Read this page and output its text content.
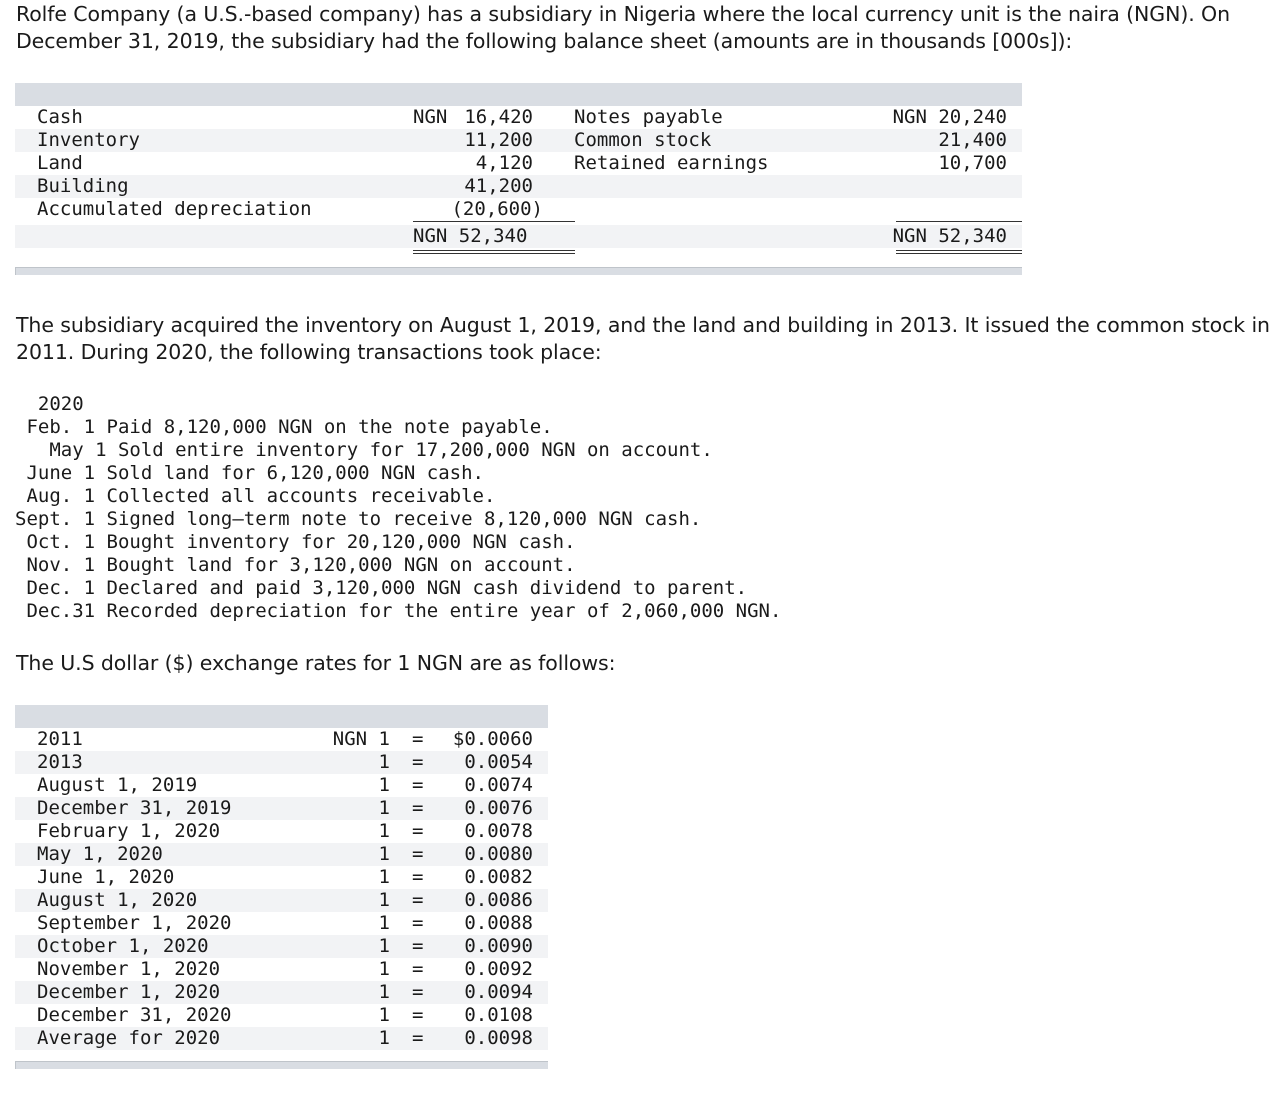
Rolfe Company (a U.S.-based company) has a subsidiary in Nigeria where the local currency unit is the naira (NGN). On December 31, 2019, the subsidiary had the following balance sheet (amounts are in thousands [000s]):
Cash	NGN 16,420 Notes payable	NGN 20,240
Inventory	11,200 Common stock	21,400
Land	4,120 Retained earnings	10,700
Building	41,200
Accumulated depreciation	(20,600)
NGN 52,340	NGN 52,340
The subsidiary acquired the inventory on August 1, 2019, and the land and building in 2013. It issued the common stock in 2011. During 2020, the following transactions took place:
2020
Feb. 1 Paid 8,120,000 NGN on the note payable.
May 1 Sold entire inventory for 17,200,000 NGN on account.
June 1 Sold land for 6,120,000 NGN cash.
Aug. 1 Collected all accounts receivable.
Sept. 1 Signed long–term note to receive 8,120,000 NGN cash.
Oct. 1 Bought inventory for 20,120,000 NGN cash.
Nov. 1 Bought land for 3,120,000 NGN on account.
Dec. 1 Declared and paid 3,120,000 NGN cash dividend to parent.
Dec.31 Recorded depreciation for the entire year of 2,060,000 NGN.
The U.S dollar ($) exchange rates for 1 NGN are as follows:
2011	NGN 1 =	$0.0060
2013	1 =	0.0054
August 1, 2019	1 =	0.0074
December 31, 2019	1 =	0.0076
February 1, 2020	1 =	0.0078
May 1, 2020	1 =	0.0080
June 1, 2020	1 =	0.0082
August 1, 2020	1 =	0.0086
September 1, 2020	1 =	0.0088
October 1, 2020	1 =	0.0090
November 1, 2020	1 =	0.0092
December 1, 2020	1 =	0.0094
December 31, 2020	1 =	0.0108
Average for 2020	1 =	0.0098
